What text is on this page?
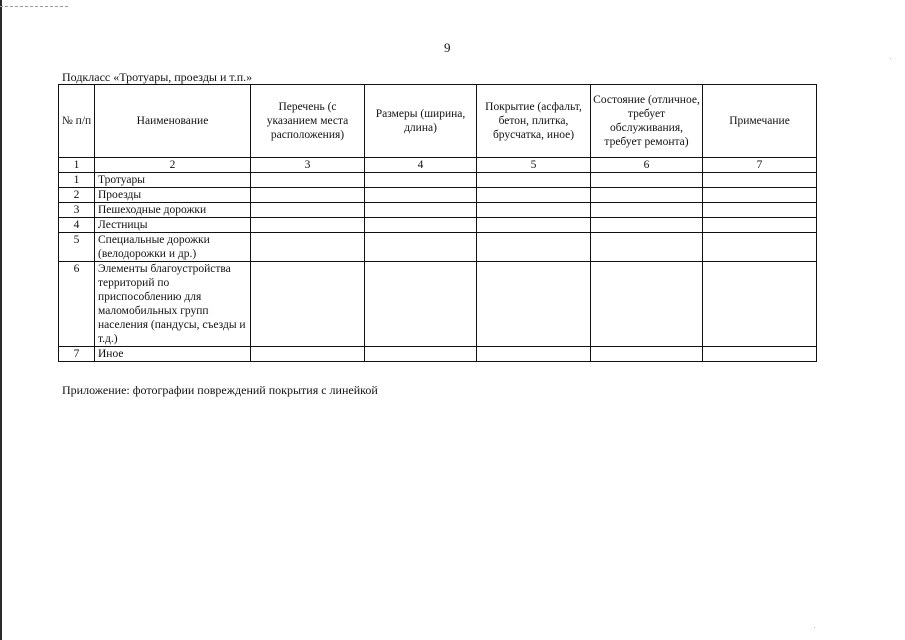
9
Подкласс «Тротуары, проезды и т.п.»
№ п/п	Наименование	Перечень (с указанием места расположения)	Размеры (ширина, длина)	Покрытие (асфальт, бетон, плитка, брусчатка, иное)	Состояние (отличное, требует обслуживания, требует ремонта)	Примечание
1	2	3	4	5	6	7
1	Тротуары					
2	Проезды					
3	Пешеходные дорожки					
4	Лестницы					
5	Специальные дорожки (велодорожки и др.)					
6	Элементы благоустройства территорий по приспособлению для маломобильных групп населения (пандусы, съезды и т.д.)					
7	Иное					
Приложение: фотографии повреждений покрытия с линейкой
